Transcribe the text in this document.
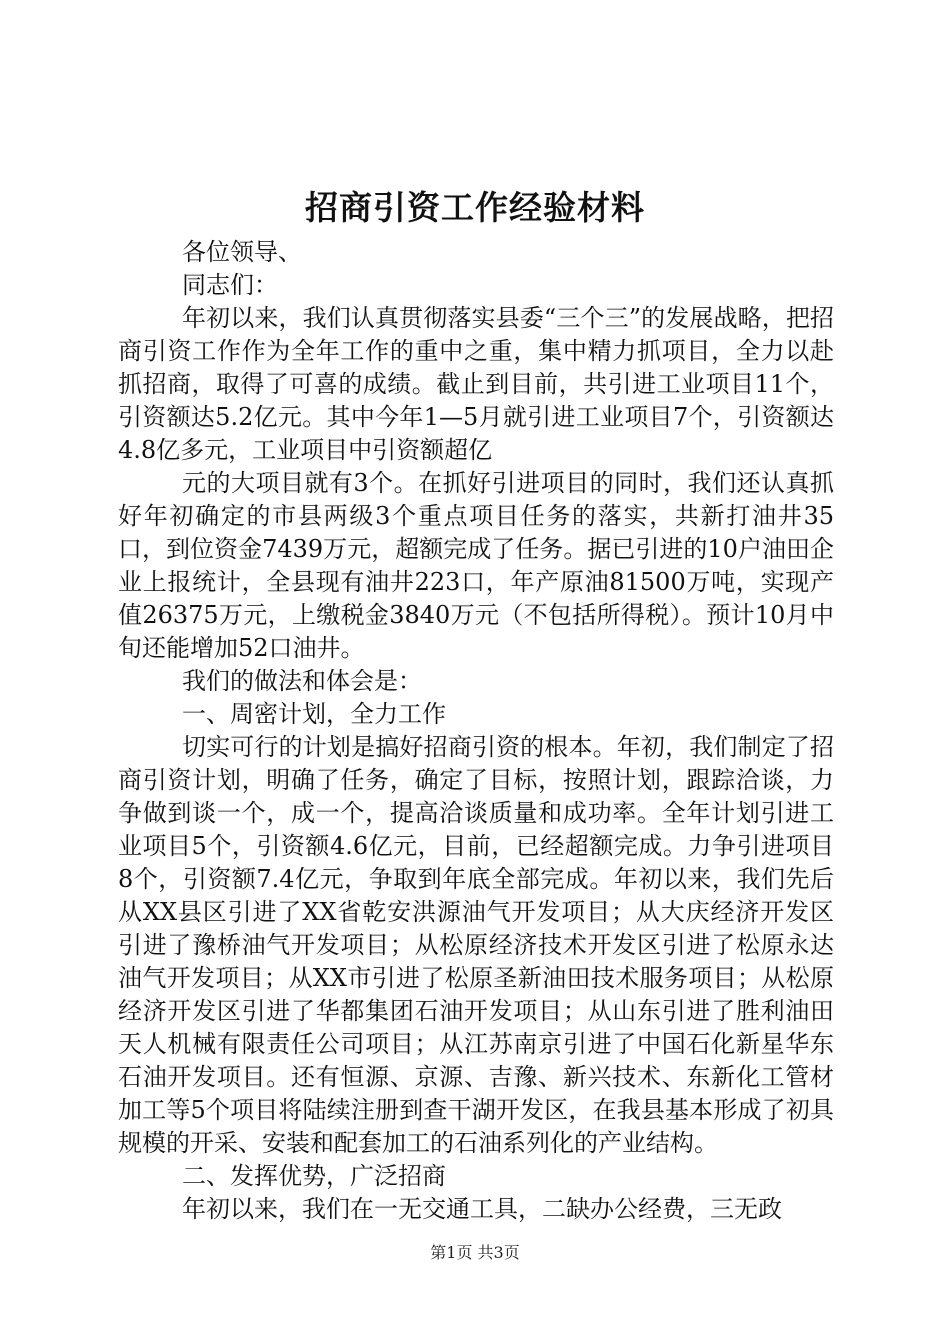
招商引资工作经验材料

各位领导、

同志们：

年初以来，我们认真贯彻落实县委“三个三”的发展战略，把招商引资工作作为全年工作的重中之重，集中精力抓项目，全力以赴抓招商，取得了可喜的成绩。截止到目前，共引进工业项目11个，引资额达5.2亿元。其中今年1—5月就引进工业项目7个，引资额达4.8亿多元，工业项目中引资额超亿

元的大项目就有3个。在抓好引进项目的同时，我们还认真抓好年初确定的市县两级3个重点项目任务的落实，共新打油井35口，到位资金7439万元，超额完成了任务。据已引进的10户油田企业上报统计，全县现有油井223口，年产原油81500万吨，实现产值26375万元，上缴税金3840万元（不包括所得税）。预计10月中旬还能增加52口油井。

我们的做法和体会是：

一、周密计划，全力工作

切实可行的计划是搞好招商引资的根本。年初，我们制定了招商引资计划，明确了任务，确定了目标，按照计划，跟踪洽谈，力争做到谈一个，成一个，提高洽谈质量和成功率。全年计划引进工业项目5个，引资额4.6亿元，目前，已经超额完成。力争引进项目8个，引资额7.4亿元，争取到年底全部完成。年初以来，我们先后从XX县区引进了XX省乾安洪源油气开发项目；从大庆经济开发区引进了豫桥油气开发项目；从松原经济技术开发区引进了松原永达油气开发项目；从XX市引进了松原圣新油田技术服务项目；从松原经济开发区引进了华都集团石油开发项目；从山东引进了胜利油田天人机械有限责任公司项目；从江苏南京引进了中国石化新星华东石油开发项目。还有恒源、京源、吉豫、新兴技术、东新化工管材加工等5个项目将陆续注册到查干湖开发区，在我县基本形成了初具规模的开采、安装和配套加工的石油系列化的产业结构。

二、发挥优势，广泛招商

年初以来，我们在一无交通工具，二缺办公经费，三无政

第1页 共3页
